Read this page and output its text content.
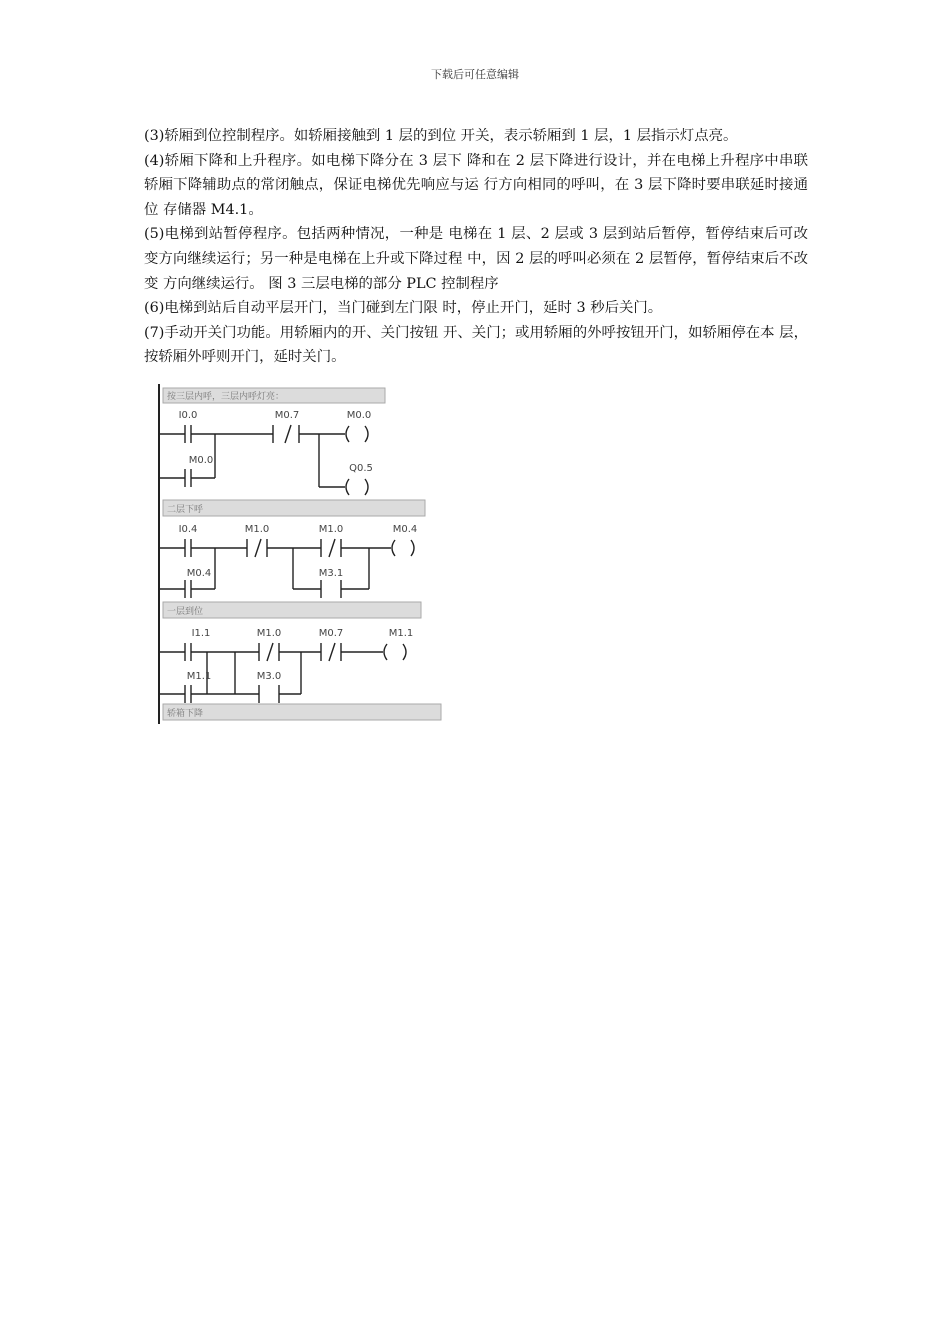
下载后可任意编辑

(3)轿厢到位控制程序。如轿厢接触到 1 层的到位 开关，表示轿厢到 1 层，1 层指示灯点亮。

(4)轿厢下降和上升程序。如电梯下降分在 3 层下 降和在 2 层下降进行设计，并在电梯上升程序中串联 轿厢下降辅助点的常闭触点，保证电梯优先响应与运 行方向相同的呼叫，在 3 层下降时要串联延时接通位 存储器 M4.1。

(5)电梯到站暂停程序。包括两种情况，一种是 电梯在 1 层、2 层或 3 层到站后暂停，暂停结束后可改 变方向继续运行；另一种是电梯在上升或下降过程 中，因 2 层的呼叫必须在 2 层暂停，暂停结束后不改变 方向继续运行。 图 3 三层电梯的部分 PLC 控制程序

(6)电梯到站后自动平层开门，当门碰到左门限 时，停止开门，延时 3 秒后关门。

(7)手动开关门功能。用轿厢内的开、关门按钮 开、关门；或用轿厢的外呼按钮开门，如轿厢停在本 层，按轿厢外呼则开门，延时关门。

按三层内呼，三层内呼灯亮：
I0.0	M0.7	M0.0
M0.0
Q0.5
二层下呼
I0.4	M1.0	M1.0	M0.4
M0.4	M3.1
一层到位
I1.1	M1.0	M0.7	M1.1
M1.1	M3.0
轿箱下降
